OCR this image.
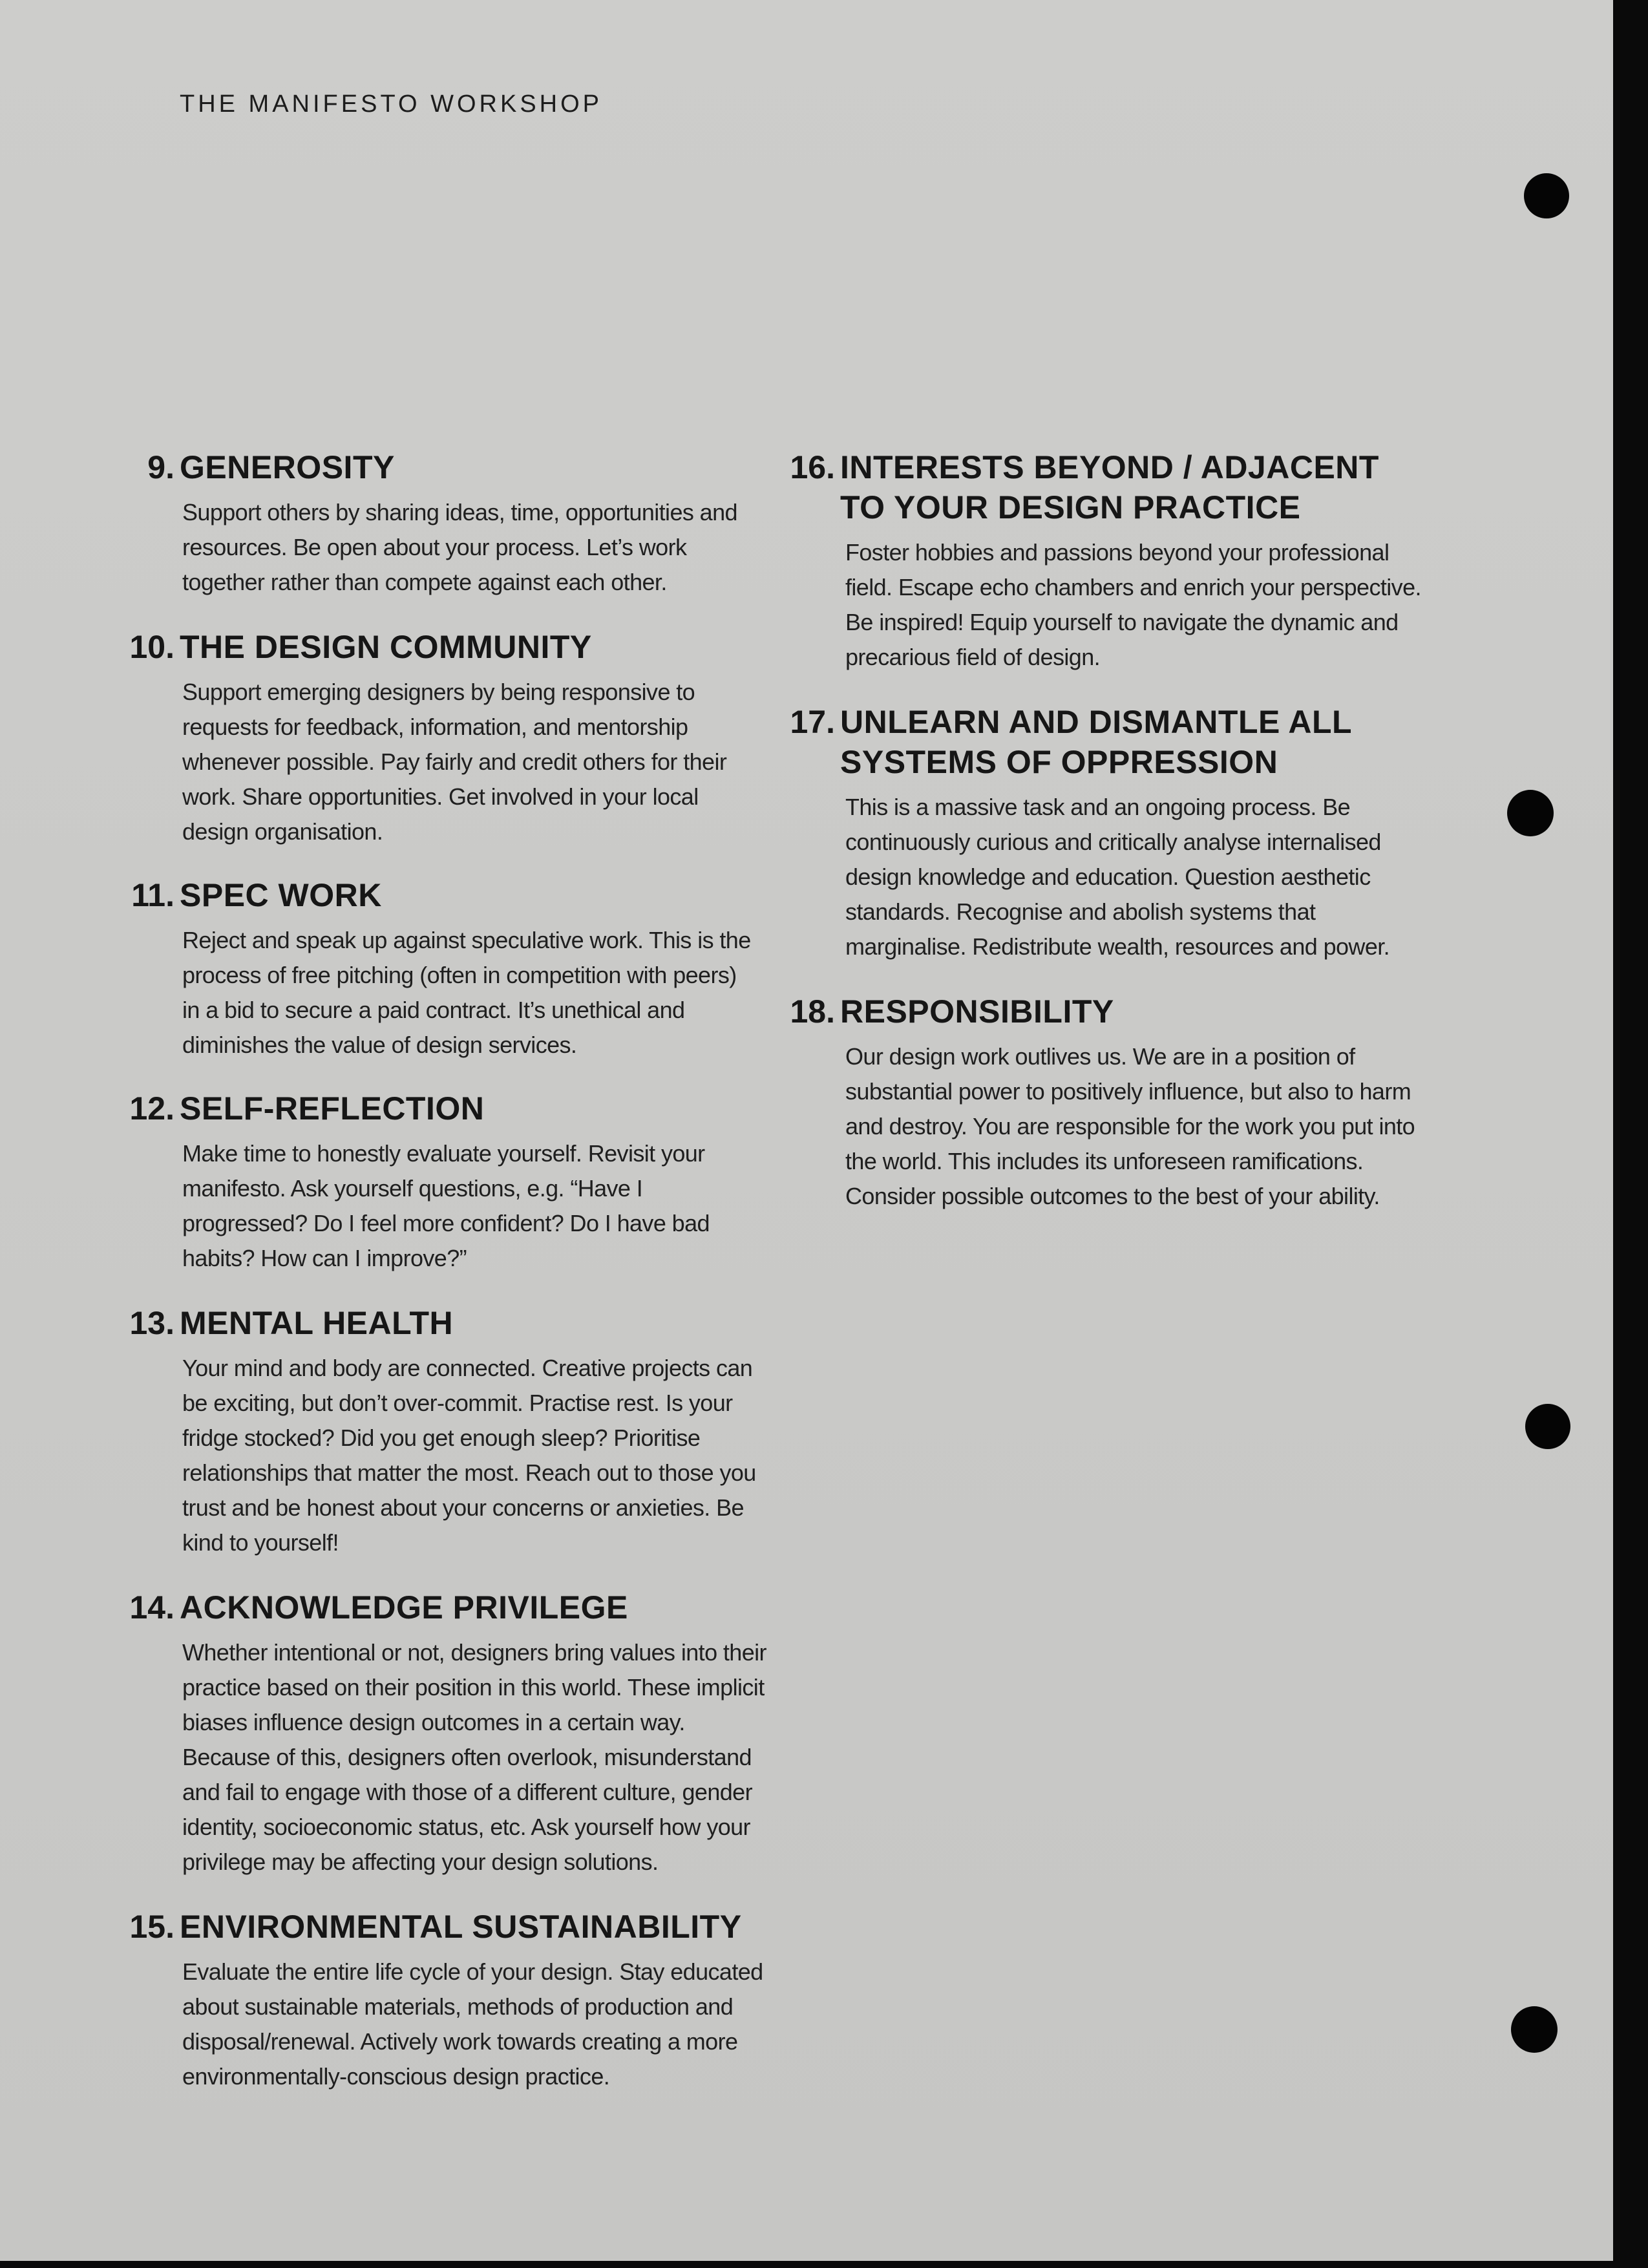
THE MANIFESTO WORKSHOP
9. GENEROSITY
Support others by sharing ideas, time, opportunities and resources. Be open about your process. Let’s work together rather than compete against each other.
10. THE DESIGN COMMUNITY
Support emerging designers by being responsive to requests for feedback, information, and mentorship whenever possible. Pay fairly and credit others for their work. Share opportunities. Get involved in your local design organisation.
11. SPEC WORK
Reject and speak up against speculative work. This is the process of free pitching (often in competition with peers) in a bid to secure a paid contract. It’s unethical and diminishes the value of design services.
12. SELF-REFLECTION
Make time to honestly evaluate yourself. Revisit your manifesto. Ask yourself questions, e.g. “Have I progressed? Do I feel more confident? Do I have bad habits? How can I improve?”
13. MENTAL HEALTH
Your mind and body are connected. Creative projects can be exciting, but don’t over-commit. Practise rest. Is your fridge stocked? Did you get enough sleep? Prioritise relationships that matter the most. Reach out to those you trust and be honest about your concerns or anxieties. Be kind to yourself!
14. ACKNOWLEDGE PRIVILEGE
Whether intentional or not, designers bring values into their practice based on their position in this world. These implicit biases influence design outcomes in a certain way. Because of this, designers often overlook, misunderstand and fail to engage with those of a different culture, gender identity, socioeconomic status, etc. Ask yourself how your privilege may be affecting your design solutions.
15. ENVIRONMENTAL SUSTAINABILITY
Evaluate the entire life cycle of your design. Stay educated about sustainable materials, methods of production and disposal/renewal. Actively work towards creating a more environmentally-conscious design practice.
16. INTERESTS BEYOND / ADJACENT TO YOUR DESIGN PRACTICE
Foster hobbies and passions beyond your professional field. Escape echo chambers and enrich your perspective. Be inspired! Equip yourself to navigate the dynamic and precarious field of design.
17. UNLEARN AND DISMANTLE ALL SYSTEMS OF OPPRESSION
This is a massive task and an ongoing process. Be continuously curious and critically analyse internalised design knowledge and education. Question aesthetic standards. Recognise and abolish systems that marginalise. Redistribute wealth, resources and power.
18. RESPONSIBILITY
Our design work outlives us. We are in a position of substantial power to positively influence, but also to harm and destroy. You are responsible for the work you put into the world. This includes its unforeseen ramifications. Consider possible outcomes to the best of your ability.
